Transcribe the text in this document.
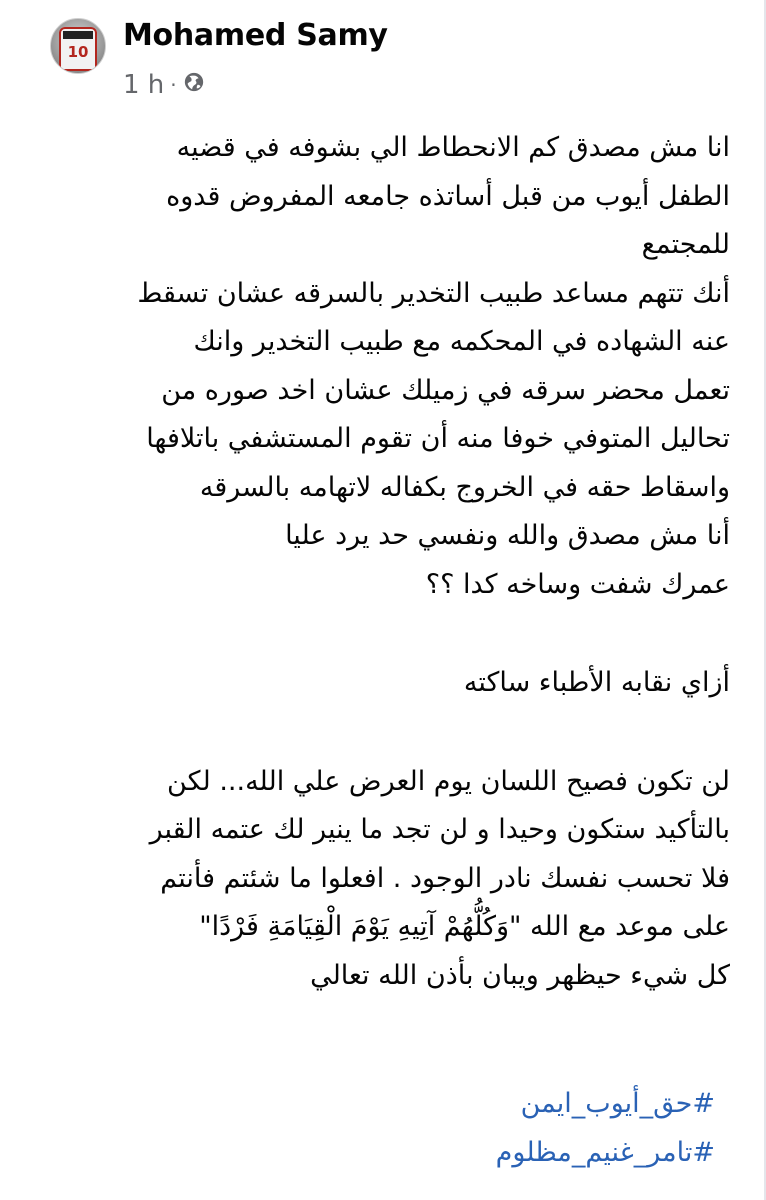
10	Mohamed Samy
1 h ·
انا مش مصدق كم الانحطاط الي بشوفه في قضيه
الطفل أيوب من قبل أساتذه جامعه المفروض قدوه
للمجتمع
أنك تتهم مساعد طبيب التخدير بالسرقه عشان تسقط
عنه الشهاده في المحكمه مع طبيب التخدير وانك
تعمل محضر سرقه في زميلك عشان اخد صوره من
تحاليل المتوفي خوفا منه أن تقوم المستشفي باتلافها
واسقاط حقه في الخروج بكفاله لاتهامه بالسرقه
أنا مش مصدق والله ونفسي حد يرد عليا
عمرك شفت وساخه كدا ؟؟
أزاي نقابه الأطباء ساكته
لن تكون فصيح اللسان يوم العرض علي الله... لكن
بالتأكيد ستكون وحيدا و لن تجد ما ينير لك عتمه القبر
فلا تحسب نفسك نادر الوجود . افعلوا ما شئتم فأنتم
على موعد مع الله "وَكُلُّهُمْ آتِيهِ يَوْمَ الْقِيَامَةِ فَرْدًا"
كل شيء حيظهر ويبان بأذن الله تعالي
#حق_أيوب_ايمن
#تامر_غنيم_مظلوم
